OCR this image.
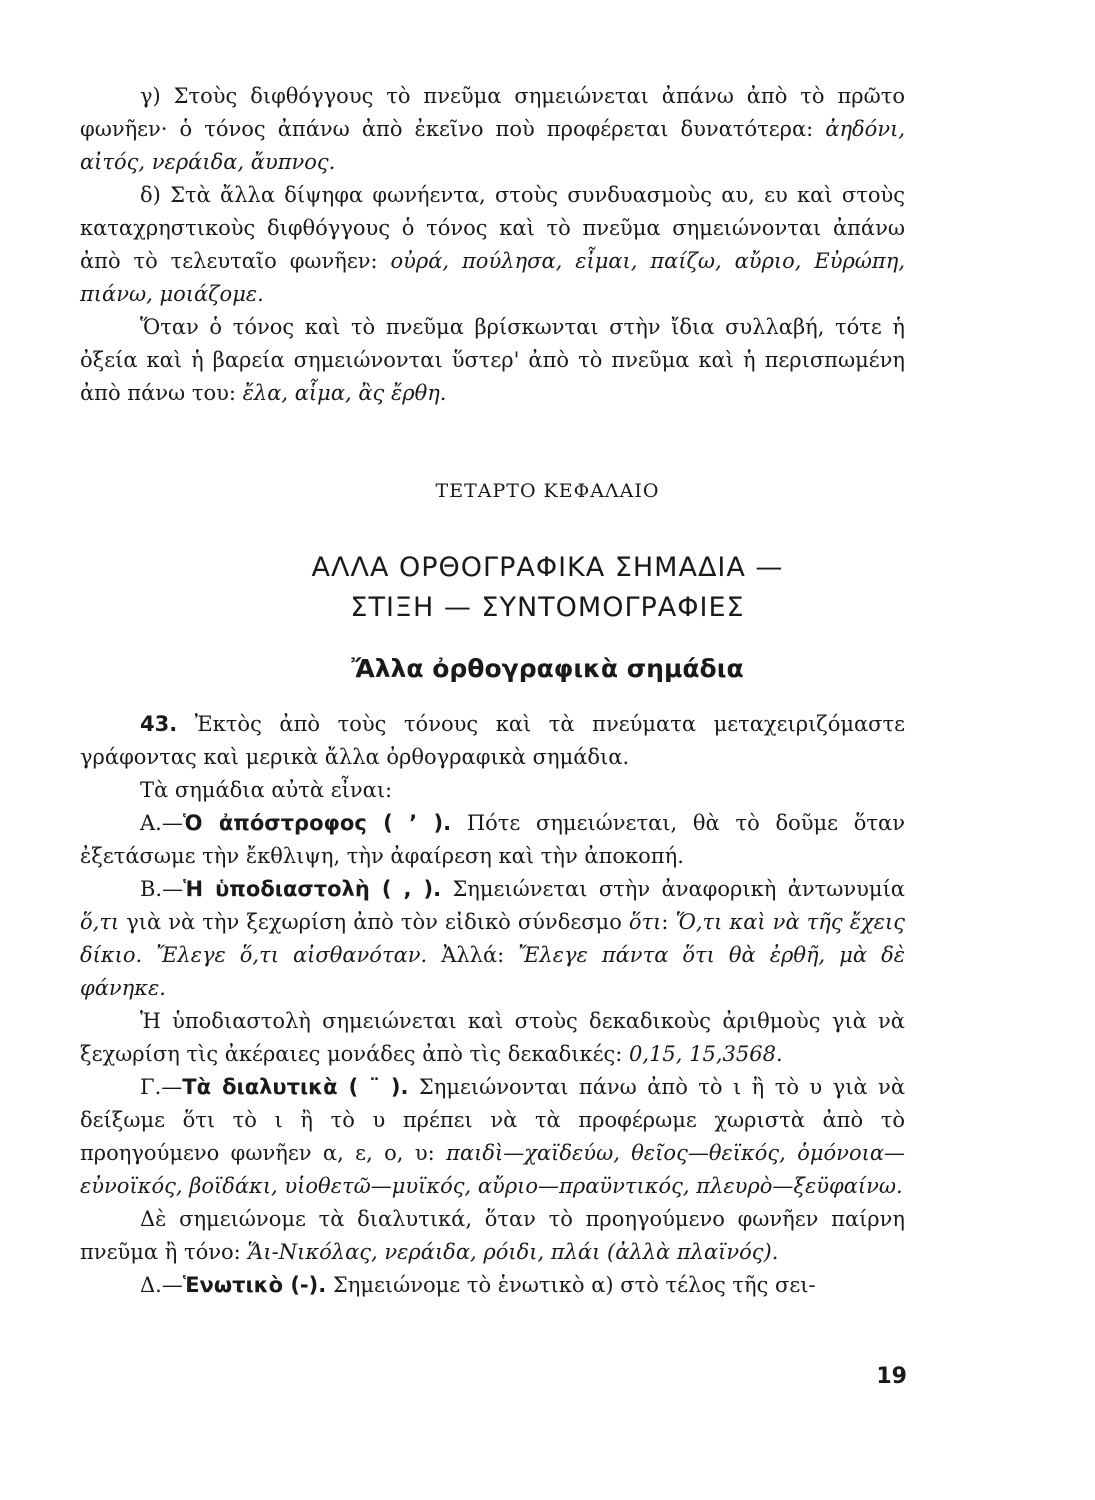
γ) Στοὺς διφθόγγους τὸ πνεῦμα σημειώνεται ἀπάνω ἀπὸ τὸ πρῶτο φωνῆεν· ὁ τόνος ἀπάνω ἀπὸ ἐκεῖνο ποὺ προφέρεται δυνατότερα: ἀηδόνι, αἰτός, νεράιδα, ἄυπνος.

δ) Στὰ ἄλλα δίψηφα φωνήεντα, στοὺς συνδυασμοὺς αυ, ευ καὶ στοὺς καταχρηστικοὺς διφθόγγους ὁ τόνος καὶ τὸ πνεῦμα σημειώνονται ἀπάνω ἀπὸ τὸ τελευταῖο φωνῆεν: οὐρά, πούλησα, εἶμαι, παίζω, αὔριο, Εὐρώπη, πιάνω, μοιάζομε.

Ὅταν ὁ τόνος καὶ τὸ πνεῦμα βρίσκωνται στὴν ἴδια συλλαβή, τότε ἡ ὀξεία καὶ ἡ βαρεία σημειώνονται ὕστερ' ἀπὸ τὸ πνεῦμα καὶ ἡ περισπωμένη ἀπὸ πάνω του: ἔλα, αἷμα, ἂς ἔρθη.

ΤΕΤΑΡΤΟ ΚΕΦΑΛΑΙΟ
ΑΛΛΑ ΟΡΘΟΓΡΑΦΙΚΑ ΣΗΜΑΔΙΑ —
ΣΤΙΞΗ — ΣΥΝΤΟΜΟΓΡΑΦΙΕΣ
Ἄλλα ὀρθογραφικὰ σημάδια

43. Ἐκτὸς ἀπὸ τοὺς τόνους καὶ τὰ πνεύματα μεταχειριζόμαστε γράφοντας καὶ μερικὰ ἄλλα ὀρθογραφικὰ σημάδια.

Τὰ σημάδια αὐτὰ εἶναι:

Α.—Ὁ ἀπόστροφος ( ’ ). Πότε σημειώνεται, θὰ τὸ δοῦμε ὅταν ἐξετάσωμε τὴν ἔκθλιψη, τὴν ἀφαίρεση καὶ τὴν ἀποκοπή.

Β.—Ἡ ὑποδιαστολὴ ( , ). Σημειώνεται στὴν ἀναφορικὴ ἀντωνυμία ὅ,τι γιὰ νὰ τὴν ξεχωρίση ἀπὸ τὸν εἰδικὸ σύνδεσμο ὅτι: Ὅ,τι καὶ νὰ τῆς ἔχεις δίκιο. Ἔλεγε ὅ,τι αἰσθανόταν. Ἀλλά: Ἔλεγε πάντα ὅτι θὰ ἐρθῆ, μὰ δὲ φάνηκε.

Ἡ ὑποδιαστολὴ σημειώνεται καὶ στοὺς δεκαδικοὺς ἀριθμοὺς γιὰ νὰ ξεχωρίση τὶς ἀκέραιες μονάδες ἀπὸ τὶς δεκαδικές: 0,15, 15,3568.

Γ.—Τὰ διαλυτικὰ ( ¨ ). Σημειώνονται πάνω ἀπὸ τὸ ι ἢ τὸ υ γιὰ νὰ δείξωμε ὅτι τὸ ι ἢ τὸ υ πρέπει νὰ τὰ προφέρωμε χωριστὰ ἀπὸ τὸ προηγούμενο φωνῆεν α, ε, ο, υ: παιδὶ—χαϊδεύω, θεῖος—θεϊκός, ὁμόνοια—εὐνοϊκός, βοϊδάκι, υἱοθετῶ—μυϊκός, αὔριο—πραϋντικός, πλευρὸ—ξεϋφαίνω.

Δὲ σημειώνομε τὰ διαλυτικά, ὅταν τὸ προηγούμενο φωνῆεν παίρνη πνεῦμα ἢ τόνο: Ἅι-Νικόλας, νεράιδα, ρόιδι, πλάι (ἀλλὰ πλαϊνός).

Δ.—Ἑνωτικὸ (-). Σημειώνομε τὸ ἑνωτικὸ α) στὸ τέλος τῆς σει-

19
